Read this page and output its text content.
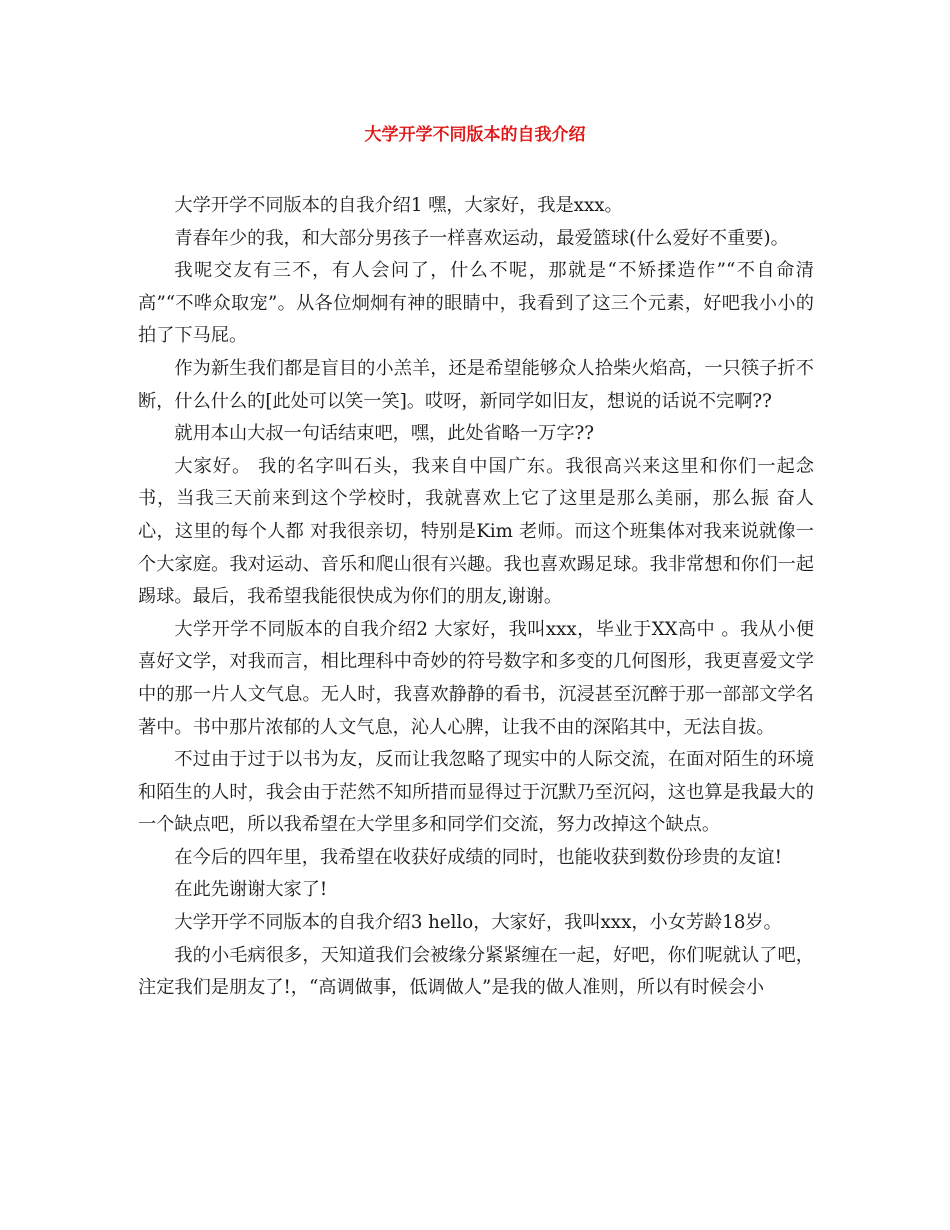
大学开学不同版本的自我介绍

大学开学不同版本的自我介绍1 嘿，大家好，我是xxx。

青春年少的我，和大部分男孩子一样喜欢运动，最爱篮球(什么爱好不重要)。

我呢交友有三不，有人会问了，什么不呢，那就是“不矫揉造作”“不自命清高”“不哗众取宠”。从各位炯炯有神的眼睛中，我看到了这三个元素，好吧我小小的拍了下马屁。

作为新生我们都是盲目的小羔羊，还是希望能够众人拾柴火焰高，一只筷子折不断，什么什么的[此处可以笑一笑]。哎呀，新同学如旧友，想说的话说不完啊??

就用本山大叔一句话结束吧，嘿，此处省略一万字??

大家好。 我的名字叫石头，我来自中国广东。我很高兴来这里和你们一起念书，当我三天前来到这个学校时，我就喜欢上它了这里是那么美丽，那么振 奋人心，这里的每个人都 对我很亲切，特别是Kim 老师。而这个班集体对我来说就像一个大家庭。我对运动、音乐和爬山很有兴趣。我也喜欢踢足球。我非常想和你们一起踢球。最后，我希望我能很快成为你们的朋友,谢谢。

大学开学不同版本的自我介绍2 大家好，我叫xxx，毕业于XX高中 。我从小便喜好文学，对我而言，相比理科中奇妙的符号数字和多变的几何图形，我更喜爱文学中的那一片人文气息。无人时，我喜欢静静的看书，沉浸甚至沉醉于那一部部文学名著中。书中那片浓郁的人文气息，沁人心脾，让我不由的深陷其中，无法自拔。

不过由于过于以书为友，反而让我忽略了现实中的人际交流，在面对陌生的环境和陌生的人时，我会由于茫然不知所措而显得过于沉默乃至沉闷，这也算是我最大的一个缺点吧，所以我希望在大学里多和同学们交流，努力改掉这个缺点。

在今后的四年里，我希望在收获好成绩的同时，也能收获到数份珍贵的友谊!

在此先谢谢大家了!

大学开学不同版本的自我介绍3 hello，大家好，我叫xxx，小女芳龄18岁。

我的小毛病很多，天知道我们会被缘分紧紧缠在一起，好吧，你们呢就认了吧，注定我们是朋友了!，“高调做事，低调做人”是我的做人准则，所以有时候会小
